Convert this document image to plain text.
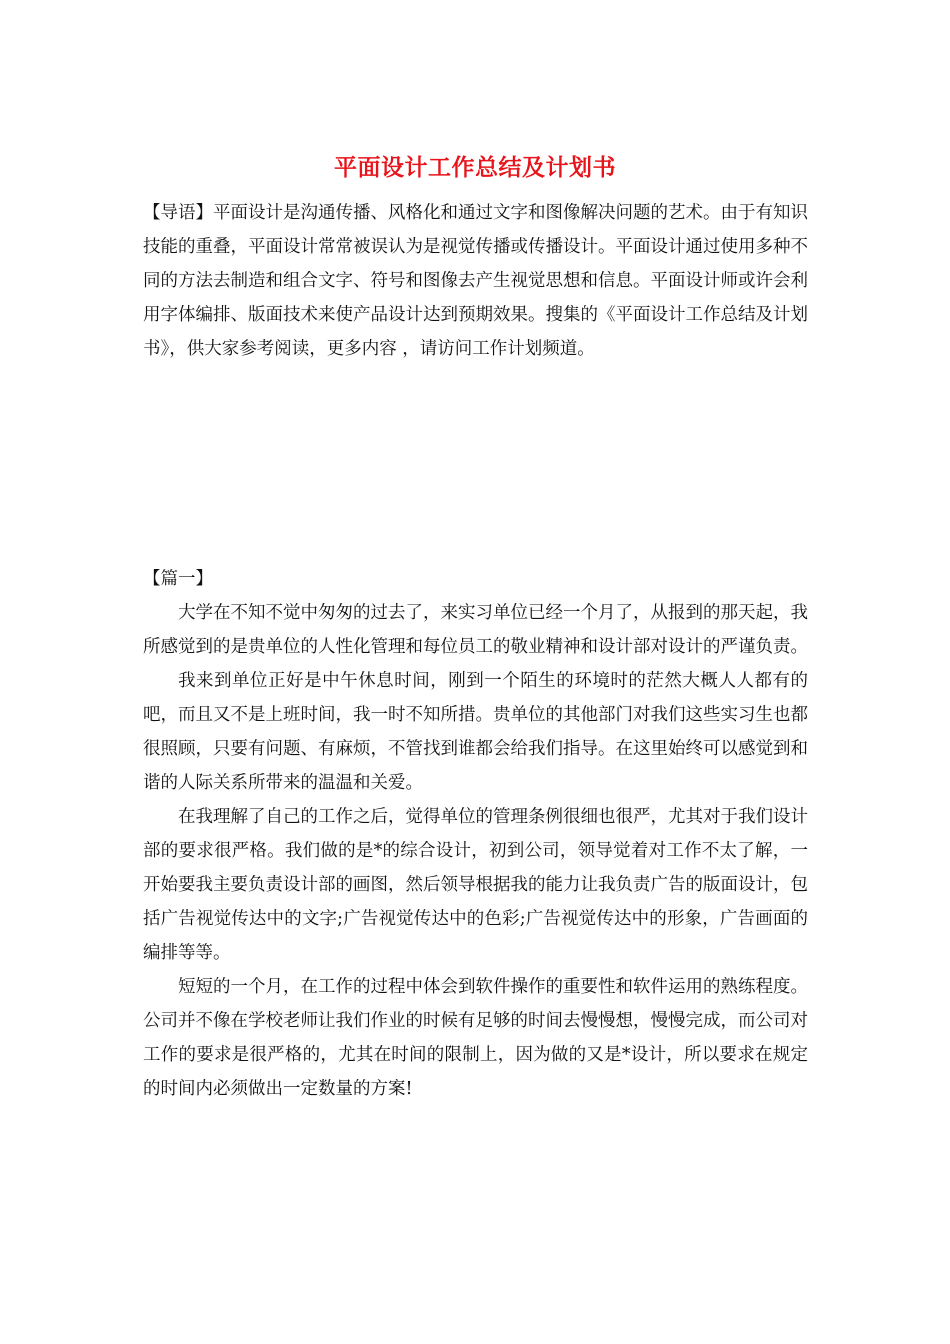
平面设计工作总结及计划书

【导语】平面设计是沟通传播、风格化和通过文字和图像解决问题的艺术。由于有知识技能的重叠，平面设计常常被误认为是视觉传播或传播设计。平面设计通过使用多种不同的方法去制造和组合文字、符号和图像去产生视觉思想和信息。平面设计师或许会利用字体编排、版面技术来使产品设计达到预期效果。搜集的《平面设计工作总结及计划书》，供大家参考阅读，更多内容 ，请访问工作计划频道。

【篇一】

大学在不知不觉中匆匆的过去了，来实习单位已经一个月了，从报到的那天起，我所感觉到的是贵单位的人性化管理和每位员工的敬业精神和设计部对设计的严谨负责。

我来到单位正好是中午休息时间，刚到一个陌生的环境时的茫然大概人人都有的吧，而且又不是上班时间，我一时不知所措。贵单位的其他部门对我们这些实习生也都很照顾，只要有问题、有麻烦，不管找到谁都会给我们指导。在这里始终可以感觉到和谐的人际关系所带来的温温和关爱。

在我理解了自己的工作之后，觉得单位的管理条例很细也很严，尤其对于我们设计部的要求很严格。我们做的是*的综合设计，初到公司，领导觉着对工作不太了解，一开始要我主要负责设计部的画图，然后领导根据我的能力让我负责广告的版面设计，包括广告视觉传达中的文字;广告视觉传达中的色彩;广告视觉传达中的形象，广告画面的编排等等。

短短的一个月，在工作的过程中体会到软件操作的重要性和软件运用的熟练程度。公司并不像在学校老师让我们作业的时候有足够的时间去慢慢想，慢慢完成，而公司对工作的要求是很严格的，尤其在时间的限制上，因为做的又是*设计，所以要求在规定的时间内必须做出一定数量的方案!
